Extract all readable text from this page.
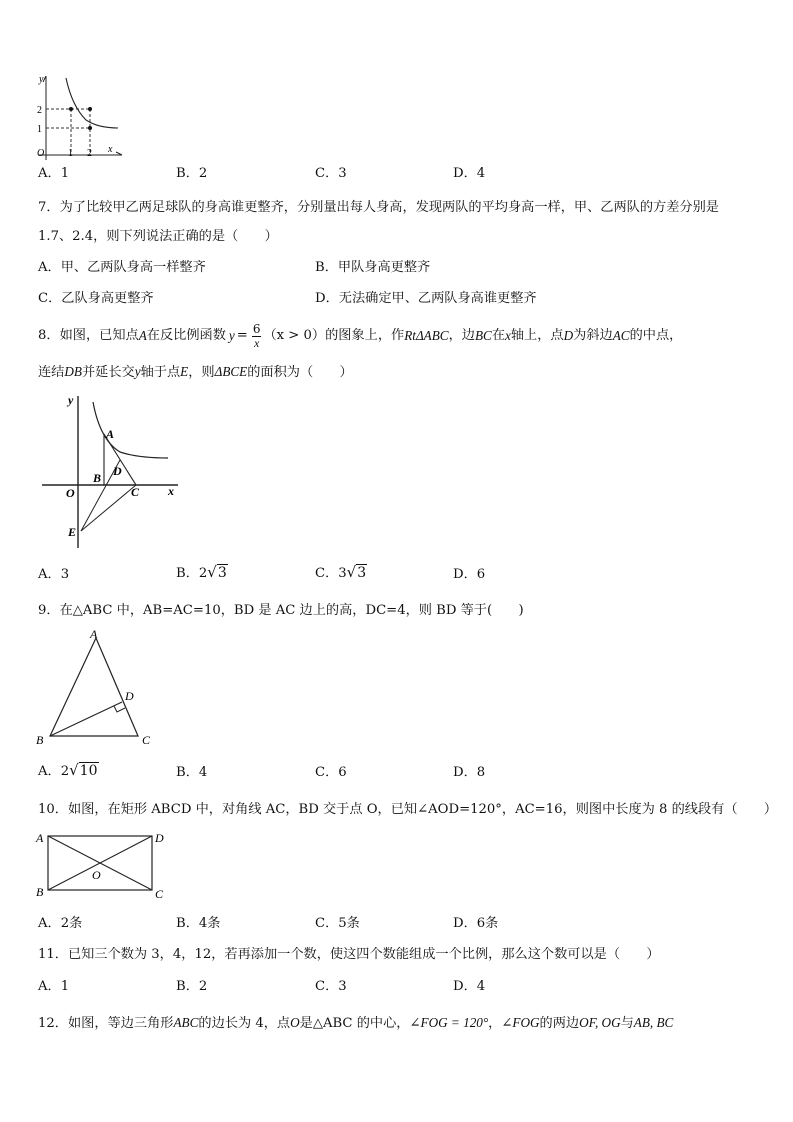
y
2
1
O 1 2 x
A．1	B．2	C．3	D．4
7．为了比较甲乙两足球队的身高谁更整齐，分别量出每人身高，发现两队的平均身高一样，甲、乙两队的方差分别是
1.7、2.4，则下列说法正确的是（　　）
A．甲、乙两队身高一样整齐	B．甲队身高更整齐
C．乙队身高更整齐	D．无法确定甲、乙两队身高谁更整齐
8．如图，已知点 A 在反比例函数 $y = \frac{6}{x} (x > 0)$ 的图象上，作 RtΔABC ，边 BC 在 x 轴上，点 D 为斜边 AC 的中点，
连结DB并延长交y轴于点E，则ΔBCE的面积为（　　）
y
A
B D
O	C x
E
A．3	B．2√3	C．3√3	D．6
9．在△ABC 中，AB=AC=10，BD 是 AC 边上的高，DC=4，则 BD 等于(　　)
A
B	C
D
A．2√10	B．4	C．6	D．8
10．如图，在矩形 ABCD 中，对角线 AC，BD 交于点 O，已知∠AOD=120°，AC=16，则图中长度为 8 的线段有（　　）
A	D
O
B	C
A．2条	B．4条	C．5条	D．6条
11．已知三个数为 3，4，12，若再添加一个数，使这四个数能组成一个比例，那么这个数可以是（　　）
A．1	B．2	C．3	D．4
12．如图，等边三角形ABC的边长为 4，点O是△ABC 的中心，∠FOG = 120°，∠FOG的两边OF, OG与AB, BC
